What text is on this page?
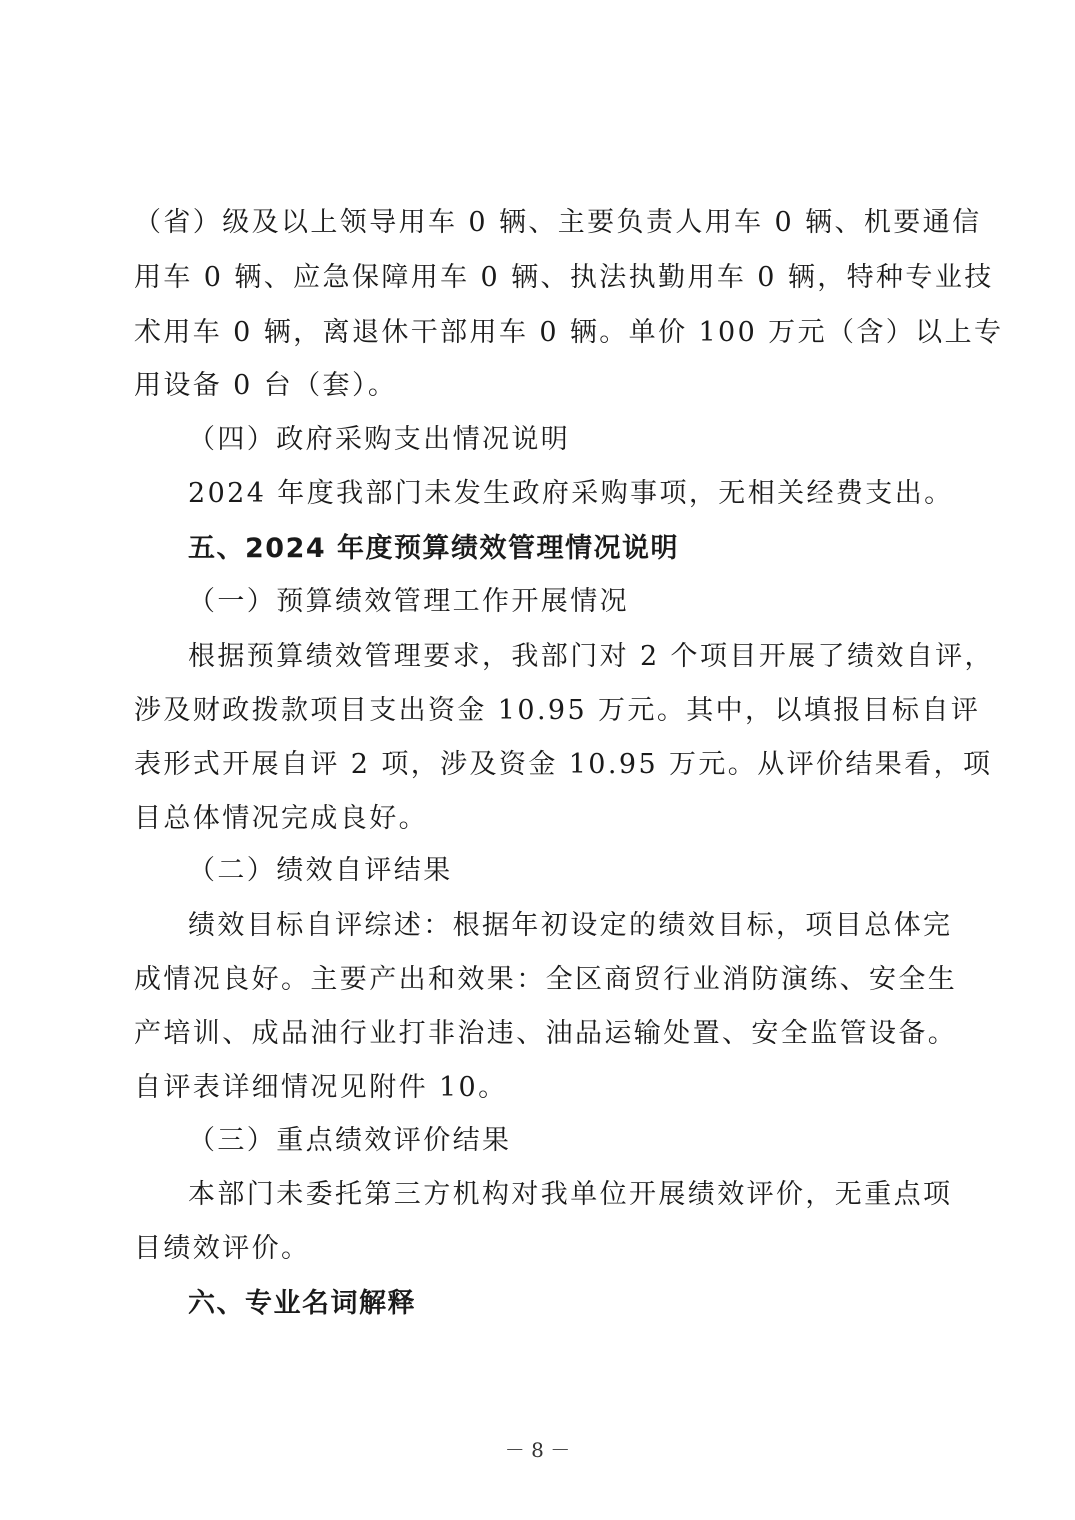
（省）级及以上领导用车 0 辆、主要负责人用车 0 辆、机要通信
用车 0 辆、应急保障用车 0 辆、执法执勤用车 0 辆，特种专业技
术用车 0 辆，离退休干部用车 0 辆。单价 100 万元（含）以上专
用设备 0 台（套）。
（四）政府采购支出情况说明
2024 年度我部门未发生政府采购事项，无相关经费支出。
五、2024 年度预算绩效管理情况说明
（一）预算绩效管理工作开展情况
根据预算绩效管理要求，我部门对 2 个项目开展了绩效自评，
涉及财政拨款项目支出资金 10.95 万元。其中，以填报目标自评
表形式开展自评 2 项，涉及资金 10.95 万元。从评价结果看，项
目总体情况完成良好。
（二）绩效自评结果
绩效目标自评综述：根据年初设定的绩效目标，项目总体完
成情况良好。主要产出和效果：全区商贸行业消防演练、安全生
产培训、成品油行业打非治违、油品运输处置、安全监管设备。
自评表详细情况见附件 10。
（三）重点绩效评价结果
本部门未委托第三方机构对我单位开展绩效评价，无重点项
目绩效评价。
六、专业名词解释
－ 8 －
